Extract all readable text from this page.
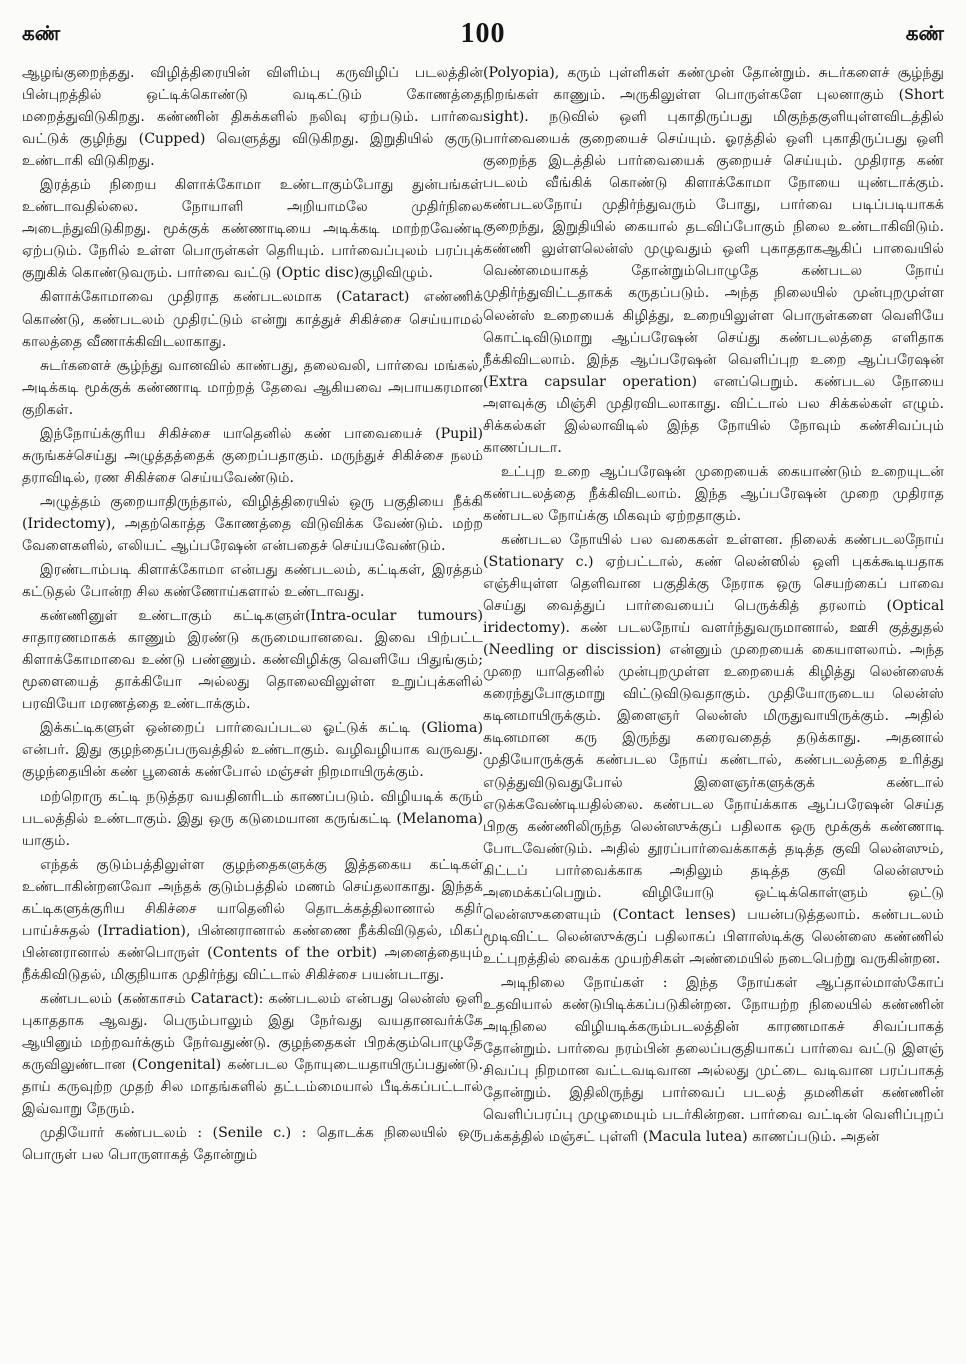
கண்	100	கண்

ஆழங்குறைந்தது. விழித்திரையின் விளிம்பு கருவிழிப் படலத்தின் பின்புறத்தில் ஒட்டிக்கொண்டு வடிகட்டும் கோணத்தை மறைத்துவிடுகிறது. கண்ணின் திசுக்களில் நலிவு ஏற்படும். பார்வை வட்டுக் குழிந்து (Cupped) வெளுத்து விடுகிறது. இறுதியில் குருடு உண்டாகி விடுகிறது.

இரத்தம் நிறைய கிளாக்கோமா உண்டாகும்போது துன்பங்கள் உண்டாவதில்லை. நோயாளி அறியாமலே முதிர்நிலை அடைந்துவிடுகிறது. மூக்குக் கண்ணாடியை அடிக்கடி மாற்றவேண்டி ஏற்படும். நேரில் உள்ள பொருள்கள் தெரியும். பார்வைப்புலம் பரப்புக் குறுகிக் கொண்டுவரும். பார்வை வட்டு (Optic disc)குழிவிழும்.

கிளாக்கோமாவை முதிராத கண்படலமாக (Cataract) எண்ணிக் கொண்டு, கண்படலம் முதிரட்டும் என்று காத்துச் சிகிச்சை செய்யாமல் காலத்தை வீணாக்கிவிடலாகாது.

சுடர்களைச் சூழ்ந்து வானவில் காண்பது, தலைவலி, பார்வை மங்கல், அடிக்கடி மூக்குக் கண்ணாடி மாற்றத் தேவை ஆகியவை அபாயகரமான குறிகள்.

இந்நோய்க்குரிய சிகிச்சை யாதெனில் கண் பாவையைச் (Pupil) சுருங்கச்செய்து அழுத்தத்தைக் குறைப்பதாகும். மருந்துச் சிகிச்சை நலம் தராவிடில், ரண சிகிச்சை செய்யவேண்டும்.

அழுத்தம் குறையாதிருந்தால், விழித்திரையில் ஒரு பகுதியை நீக்கி (Iridectomy), அதற்கொத்த கோணத்தை விடுவிக்க வேண்டும். மற்ற வேளைகளில், எலியட் ஆப்பரேஷன் என்பதைச் செய்யவேண்டும்.

இரண்டாம்படி கிளாக்கோமா என்பது கண்படலம், கட்டிகள், இரத்தம் கட்டுதல் போன்ற சில கண்ணோய்களால் உண்டாவது.

கண்ணினுள் உண்டாகும் கட்டிகளுள்(Intra-ocular tumours) சாதாரணமாகக் காணும் இரண்டு கருமையானவை. இவை பிற்பட்ட கிளாக்கோமாவை உண்டு பண்ணும். கண்விழிக்கு வெளியே பிதுங்கும்; மூளையைத் தாக்கியோ அல்லது தொலைவிலுள்ள உறுப்புக்களில் பரவியோ மரணத்தை உண்டாக்கும்.

இக்கட்டிகளுள் ஒன்றைப் பார்வைப்படல ஓட்டுக் கட்டி (Glioma) என்பர். இது குழந்தைப்பருவத்தில் உண்டாகும். வழிவழியாக வருவது. குழந்தையின் கண் பூனைக் கண்போல் மஞ்சள் நிறமாயிருக்கும்.

மற்றொரு கட்டி நடுத்தர வயதினரிடம் காணப்படும். விழியடிக் கரும் படலத்தில் உண்டாகும். இது ஒரு கடுமையான கருங்கட்டி (Melanoma) யாகும்.

எந்தக் குடும்பத்திலுள்ள குழந்தைகளுக்கு இத்தகைய கட்டிகள் உண்டாகின்றனவோ அந்தக் குடும்பத்தில் மணம் செய்தலாகாது. இந்தக் கட்டிகளுக்குரிய சிகிச்சை யாதெனில் தொடக்கத்திலானால் கதிர் பாய்ச்சுதல் (Irradiation), பின்னரானால் கண்ணை நீக்கிவிடுதல், மிகப் பின்னரானால் கண்பொருள் (Contents of the orbit) அனைத்தையும் நீக்கிவிடுதல், மிகுநியாக முதிர்ந்து விட்டால் சிகிச்சை பயன்படாது.

கண்படலம் (கண்காசம் Cataract): கண்படலம் என்பது லென்ஸ் ஒளி புகாததாக ஆவது. பெரும்பாலும் இது நேர்வது வயதானவர்க்கே ஆயினும் மற்றவர்க்கும் நேர்வதுண்டு. குழந்தைகள் பிறக்கும்பொழுதே கருவிலுண்டான (Congenital) கண்படல நோயுடையதாயிருப்பதுண்டு. தாய் கருவுற்ற முதற் சில மாதங்களில் தட்டம்மையால் பீடிக்கப்பட்டால் இவ்வாறு நேரும்.

முதியோர் கண்படலம் : (Senile c.) : தொடக்க நிலையில் ஒரு பொருள் பல பொருளாகத் தோன்றும்

(Polyopia), கரும் புள்ளிகள் கண்முன் தோன்றும். சுடர்களைச் சூழ்ந்து நிறங்கள் காணும். அருகிலுள்ள பொருள்களே புலனாகும் (Short sight). நடுவில் ஒளி புகாதிருப்பது மிகுந்தகுளியுள்ளவிடத்தில் பார்வையைக் குறையைச் செய்யும். ஓரத்தில் ஒளி புகாதிருப்பது ஒளி குறைந்த இடத்தில் பார்வையைக் குறையச் செய்யும். முதிராத கண் படலம் வீங்கிக் கொண்டு கிளாக்கோமா நோயை யுண்டாக்கும். கண்படலநோய் முதிர்ந்துவரும் போது, பார்வை படிப்படியாகக் குறைந்து, இறுதியில் கையால் தடவிப்போகும் நிலை உண்டாகிவிடும். கண்ணி லுள்ளலென்ஸ் முழுவதும் ஒளி புகாததாகஆகிப் பாவையில் வெண்மையாகத் தோன்றும்பொழுதே கண்படல நோய் முதிர்ந்துவிட்டதாகக் கருதப்படும். அந்த நிலையில் முன்புறமுள்ள லென்ஸ் உறையைக் கிழித்து, உறையிலுள்ள பொருள்களை வெளியே கொட்டிவிடுமாறு ஆப்பரேஷன் செய்து கண்படலத்தை எளிதாக நீக்கிவிடலாம். இந்த ஆப்பரேஷன் வெளிப்புற உறை ஆப்பரேஷன் (Extra capsular operation) எனப்பெறும். கண்படல நோயை அளவுக்கு மிஞ்சி முதிரவிடலாகாது. விட்டால் பல சிக்கல்கள் எழும். சிக்கல்கள் இல்லாவிடில் இந்த நோயில் நோவும் கண்சிவப்பும் காணப்படா.

உட்புற உறை ஆப்பரேஷன் முறையைக் கையாண்டும் உறையுடன் கண்படலத்தை நீக்கிவிடலாம். இந்த ஆப்பரேஷன் முறை முதிராத கண்படல நோய்க்கு மிகவும் ஏற்றதாகும்.

கண்படல நோயில் பல வகைகள் உள்ளன. நிலைக் கண்படலநோய் (Stationary c.) ஏற்பட்டால், கண் லென்ஸில் ஒளி புகக்கூடியதாக எஞ்சியுள்ள தெளிவான பகுதிக்கு நேராக ஒரு செயற்கைப் பாவை செய்து வைத்துப் பார்வையைப் பெருக்கித் தரலாம் (Optical iridectomy). கண் படலநோய் வளர்ந்துவருமானால், ஊசி குத்துதல் (Needling or discission) என்னும் முறையைக் கையாளலாம். அந்த முறை யாதெனில் முன்புறமுள்ள உறையைக் கிழித்து லென்ஸைக் கரைந்துபோகுமாறு விட்டுவிடுவதாகும். முதியோருடைய லென்ஸ் கடினமாயிருக்கும். இளைஞர் லென்ஸ் மிருதுவாயிருக்கும். அதில் கடினமான கரு இருந்து கரைவதைத் தடுக்காது. அதனால் முதியோருக்குக் கண்படல நோய் கண்டால், கண்படலத்தை உரித்து எடுத்துவிடுவதுபோல் இளைஞர்களுக்குக் கண்டால் எடுக்கவேண்டியதில்லை. கண்படல நோய்க்காக ஆப்பரேஷன் செய்த பிறகு கண்ணிலிருந்த லென்ஸுக்குப் பதிலாக ஒரு மூக்குக் கண்ணாடி போடவேண்டும். அதில் தூரப்பார்வைக்காகத் தடித்த குவி லென்ஸும், கிட்டப் பார்வைக்காக அதிலும் தடித்த குவி லென்ஸும் அமைக்கப்பெறும். விழியோடு ஒட்டிக்கொள்ளும் ஒட்டு லென்ஸுகளையும் (Contact lenses) பயன்படுத்தலாம். கண்படலம் மூடிவிட்ட லென்ஸுக்குப் பதிலாகப் பிளாஸ்டிக்கு லென்ஸை கண்ணில் உட்புறத்தில் வைக்க முயற்சிகள் அண்மையில் நடைபெற்று வருகின்றன.

அடிநிலை நோய்கள் : இந்த நோய்கள் ஆப்தால்மாஸ்கோப் உதவியால் கண்டுபிடிக்கப்படுகின்றன. நோயற்ற நிலையில் கண்ணின் அடிநிலை விழியடிக்கரும்படலத்தின் காரணமாகச் சிவப்பாகத் தோன்றும். பார்வை நரம்பின் தலைப்பகுதியாகப் பார்வை வட்டு இளஞ் சிவப்பு நிறமான வட்டவடிவான அல்லது முட்டை வடிவான பரப்பாகத் தோன்றும். இதிலிருந்து பார்வைப் படலத் தமனிகள் கண்ணின் வெளிப்பரப்பு முழுமையும் படர்கின்றன. பார்வை வட்டின் வெளிப்புறப் பக்கத்தில் மஞ்சட் புள்ளி (Macula lutea) காணப்படும். அதன்
